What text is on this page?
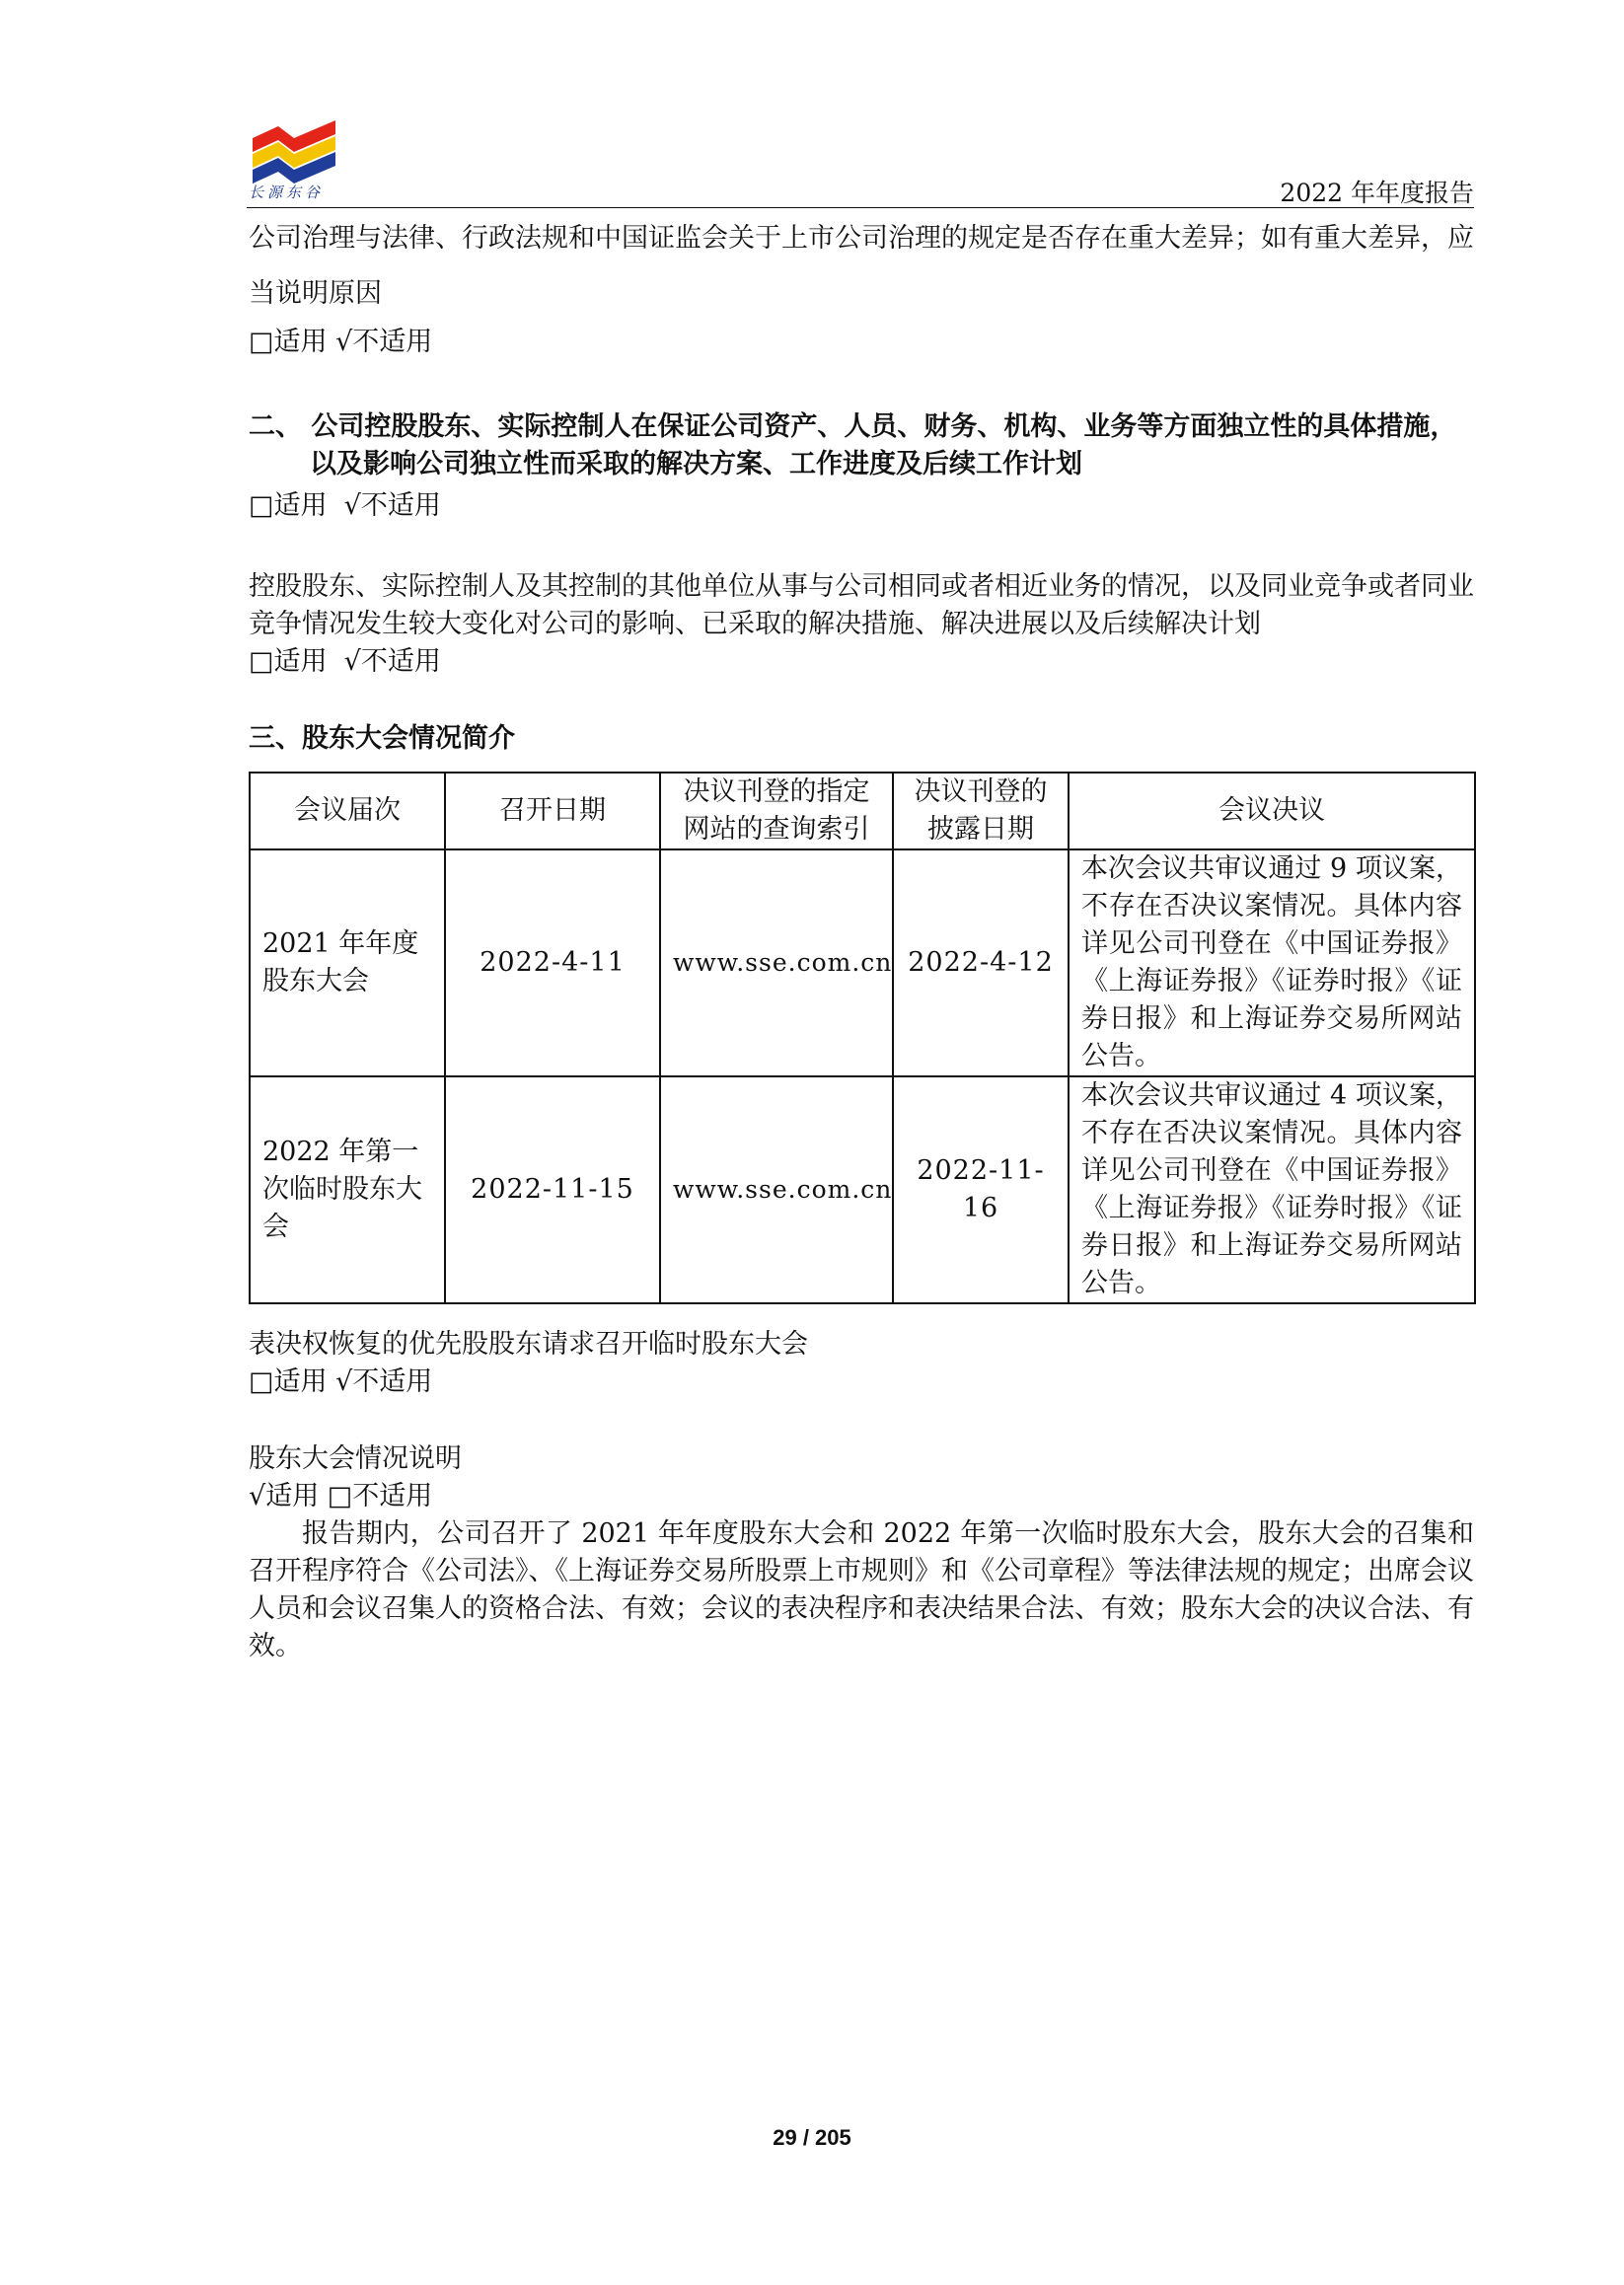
长源东谷	2022 年年度报告

公司治理与法律、行政法规和中国证监会关于上市公司治理的规定是否存在重大差异；如有重大差异，应当说明原因

□适用 √不适用

二、 公司控股股东、实际控制人在保证公司资产、人员、财务、机构、业务等方面独立性的具体措施，以及影响公司独立性而采取的解决方案、工作进度及后续工作计划

□适用  √不适用

控股股东、实际控制人及其控制的其他单位从事与公司相同或者相近业务的情况，以及同业竞争或者同业竞争情况发生较大变化对公司的影响、已采取的解决措施、解决进展以及后续解决计划

□适用  √不适用

三、股东大会情况简介

会议届次	召开日期	决议刊登的指定网站的查询索引	决议刊登的披露日期	会议决议
2021 年年度股东大会	2022-4-11	www.sse.com.cn	2022-4-12	本次会议共审议通过 9 项议案，不存在否决议案情况。具体内容详见公司刊登在《中国证券报》《上海证券报》《证券时报》《证券日报》和上海证券交易所网站公告。
2022 年第一次临时股东大会	2022-11-15	www.sse.com.cn	2022-11-16	本次会议共审议通过 4 项议案，不存在否决议案情况。具体内容详见公司刊登在《中国证券报》《上海证券报》《证券时报》《证券日报》和上海证券交易所网站公告。

表决权恢复的优先股股东请求召开临时股东大会

□适用 √不适用

股东大会情况说明

√适用 □不适用

报告期内，公司召开了 2021 年年度股东大会和 2022 年第一次临时股东大会，股东大会的召集和召开程序符合《公司法》、《上海证券交易所股票上市规则》和《公司章程》等法律法规的规定；出席会议人员和会议召集人的资格合法、有效；会议的表决程序和表决结果合法、有效；股东大会的决议合法、有效。

29 / 205
